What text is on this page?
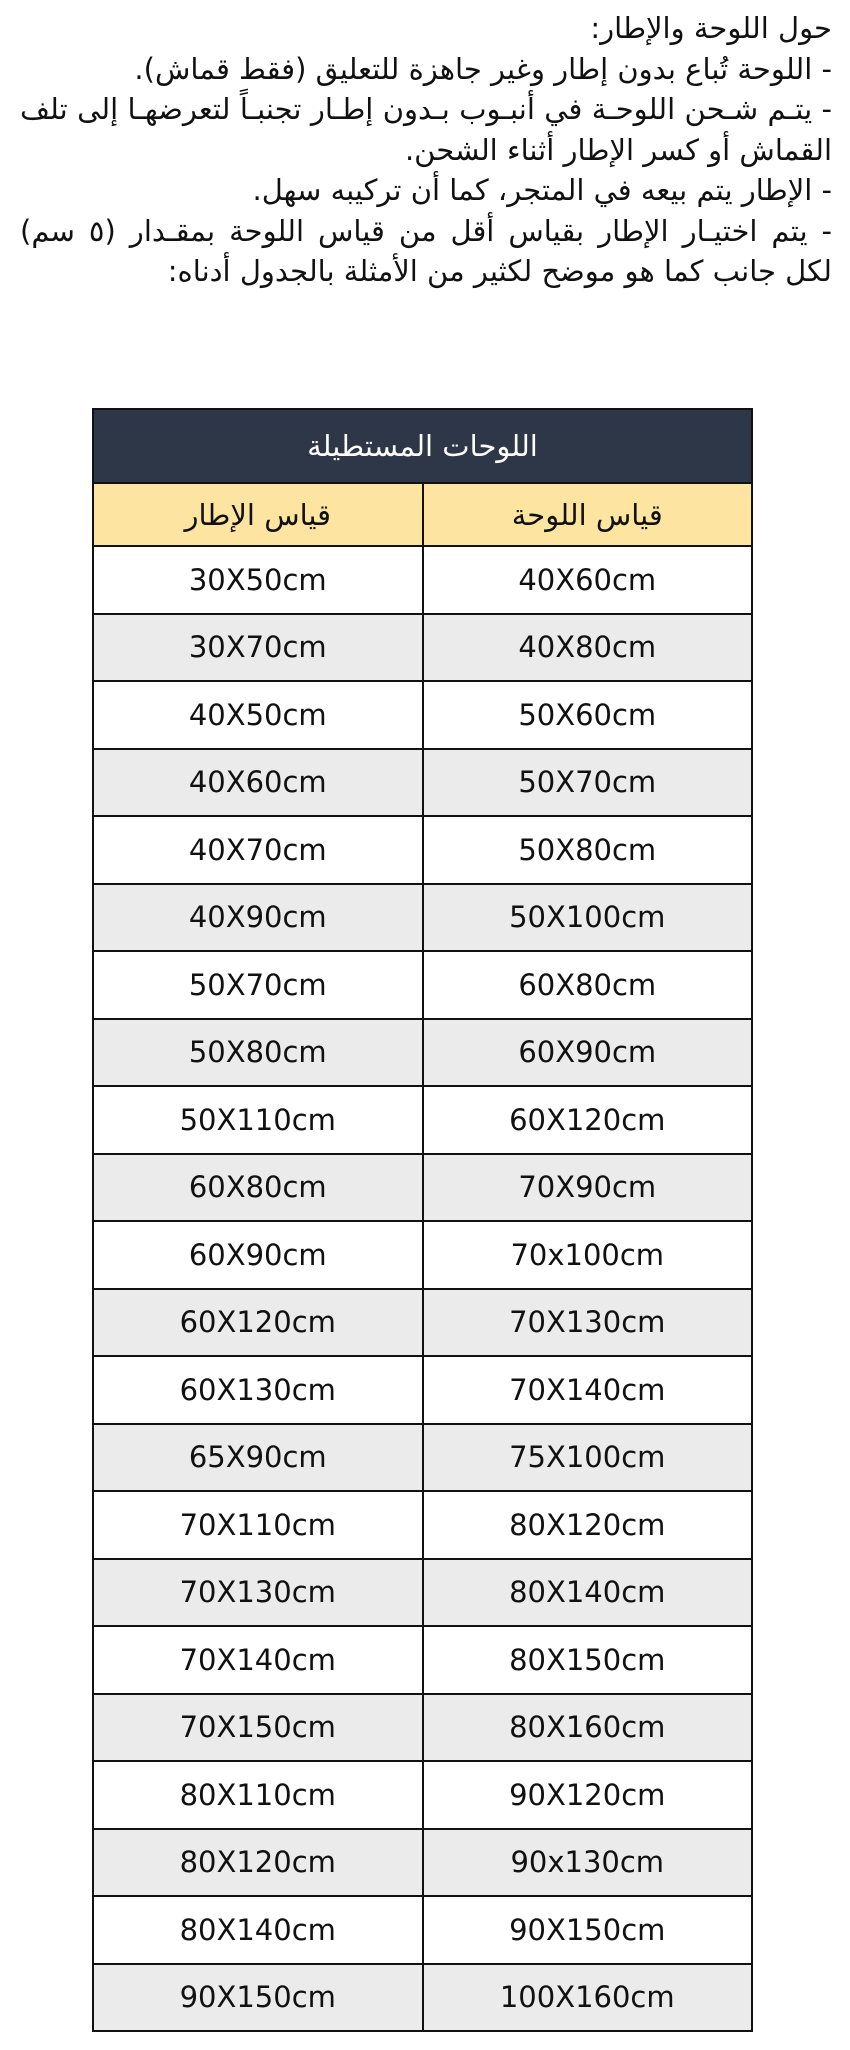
حول اللوحة والإطار:

- اللوحة تُباع بدون إطار وغير جاهزة للتعليق (فقط قماش).

- يتـم شـحن اللوحـة في أنبـوب بـدون إطـار تجنبـاً لتعرضهـا إلى تلف القماش أو كسر الإطار أثناء الشحن.

- الإطار يتم بيعه في المتجر، كما أن تركيبه سهل.

- يتم اختيـار الإطار بقياس أقل من قياس اللوحة بمقـدار (٥ سم) لكل جانب كما هو موضح لكثير من الأمثلة بالجدول أدناه:

اللوحات المستطيلة	
قياس اللوحة	قياس الإطار
40X60cm	30X50cm
40X80cm	30X70cm
50X60cm	40X50cm
50X70cm	40X60cm
50X80cm	40X70cm
50X100cm	40X90cm
60X80cm	50X70cm
60X90cm	50X80cm
60X120cm	50X110cm
70X90cm	60X80cm
70x100cm	60X90cm
70X130cm	60X120cm
70X140cm	60X130cm
75X100cm	65X90cm
80X120cm	70X110cm
80X140cm	70X130cm
80X150cm	70X140cm
80X160cm	70X150cm
90X120cm	80X110cm
90x130cm	80X120cm
90X150cm	80X140cm
100X160cm	90X150cm
